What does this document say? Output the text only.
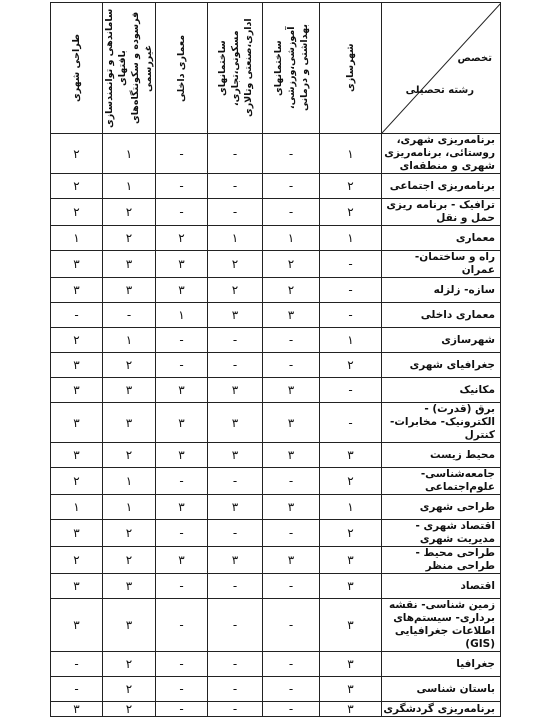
طراحی شهری	ساماندهی و توانمندسازی بافتهای
فرسوده و سکونتگاه‌های غیررسمی	معماری داخلی	ساختمانهای مسکونی،تجاری،
اداری،صنعتی وتالاری	ساختمانهای آموزشی،ورزشی،
بهداشتی و درمانی	شهرسازی	تخصص
رشته تحصیلی

۲	۱	-	-	-	۱	برنامه‌ریزی شهری، روستائی، برنامه‌ریزی شهری و منطقه‌ای
۲	۱	-	-	-	۲	برنامه‌ریزی اجتماعی
۲	۲	-	-	-	۲	ترافیک - برنامه ریزی حمل و نقل
۱	۲	۲	۱	۱	۱	معماری
۳	۳	۳	۲	۲	-	راه و ساختمان- عمران
۳	۳	۳	۲	۲	-	سازه- زلزله
-	-	۱	۳	۳	-	معماری داخلی
۲	۱	-	-	-	۱	شهرسازی
۳	۲	-	-	-	۲	جغرافیای شهری
۳	۳	۳	۳	۳	-	مکانیک
۳	۳	۳	۳	۳	-	برق (قدرت) - الکترونیک- مخابرات- کنترل
۳	۲	۳	۳	۳	۳	محیط زیست
۲	۱	-	-	-	۲	جامعه‌شناسی- علوم‌اجتماعی
۱	۱	۳	۳	۳	۱	طراحی شهری
۳	۲	-	-	-	۲	اقتصاد شهری - مدیریت شهری
۲	۲	۳	۳	۳	۳	طراحی محیط - طراحی منظر
۳	۳	-	-	-	۳	اقتصاد
۳	۳	-	-	-	۳	زمین شناسی- نقشه برداری- سیستم‌های اطلاعات جغرافیایی (GIS)
-	۲	-	-	-	۳	جغرافیا
-	۲	-	-	-	۳	باستان شناسی
۳	۲	-	-	-	۳	برنامه‌ریزی گردشگری
